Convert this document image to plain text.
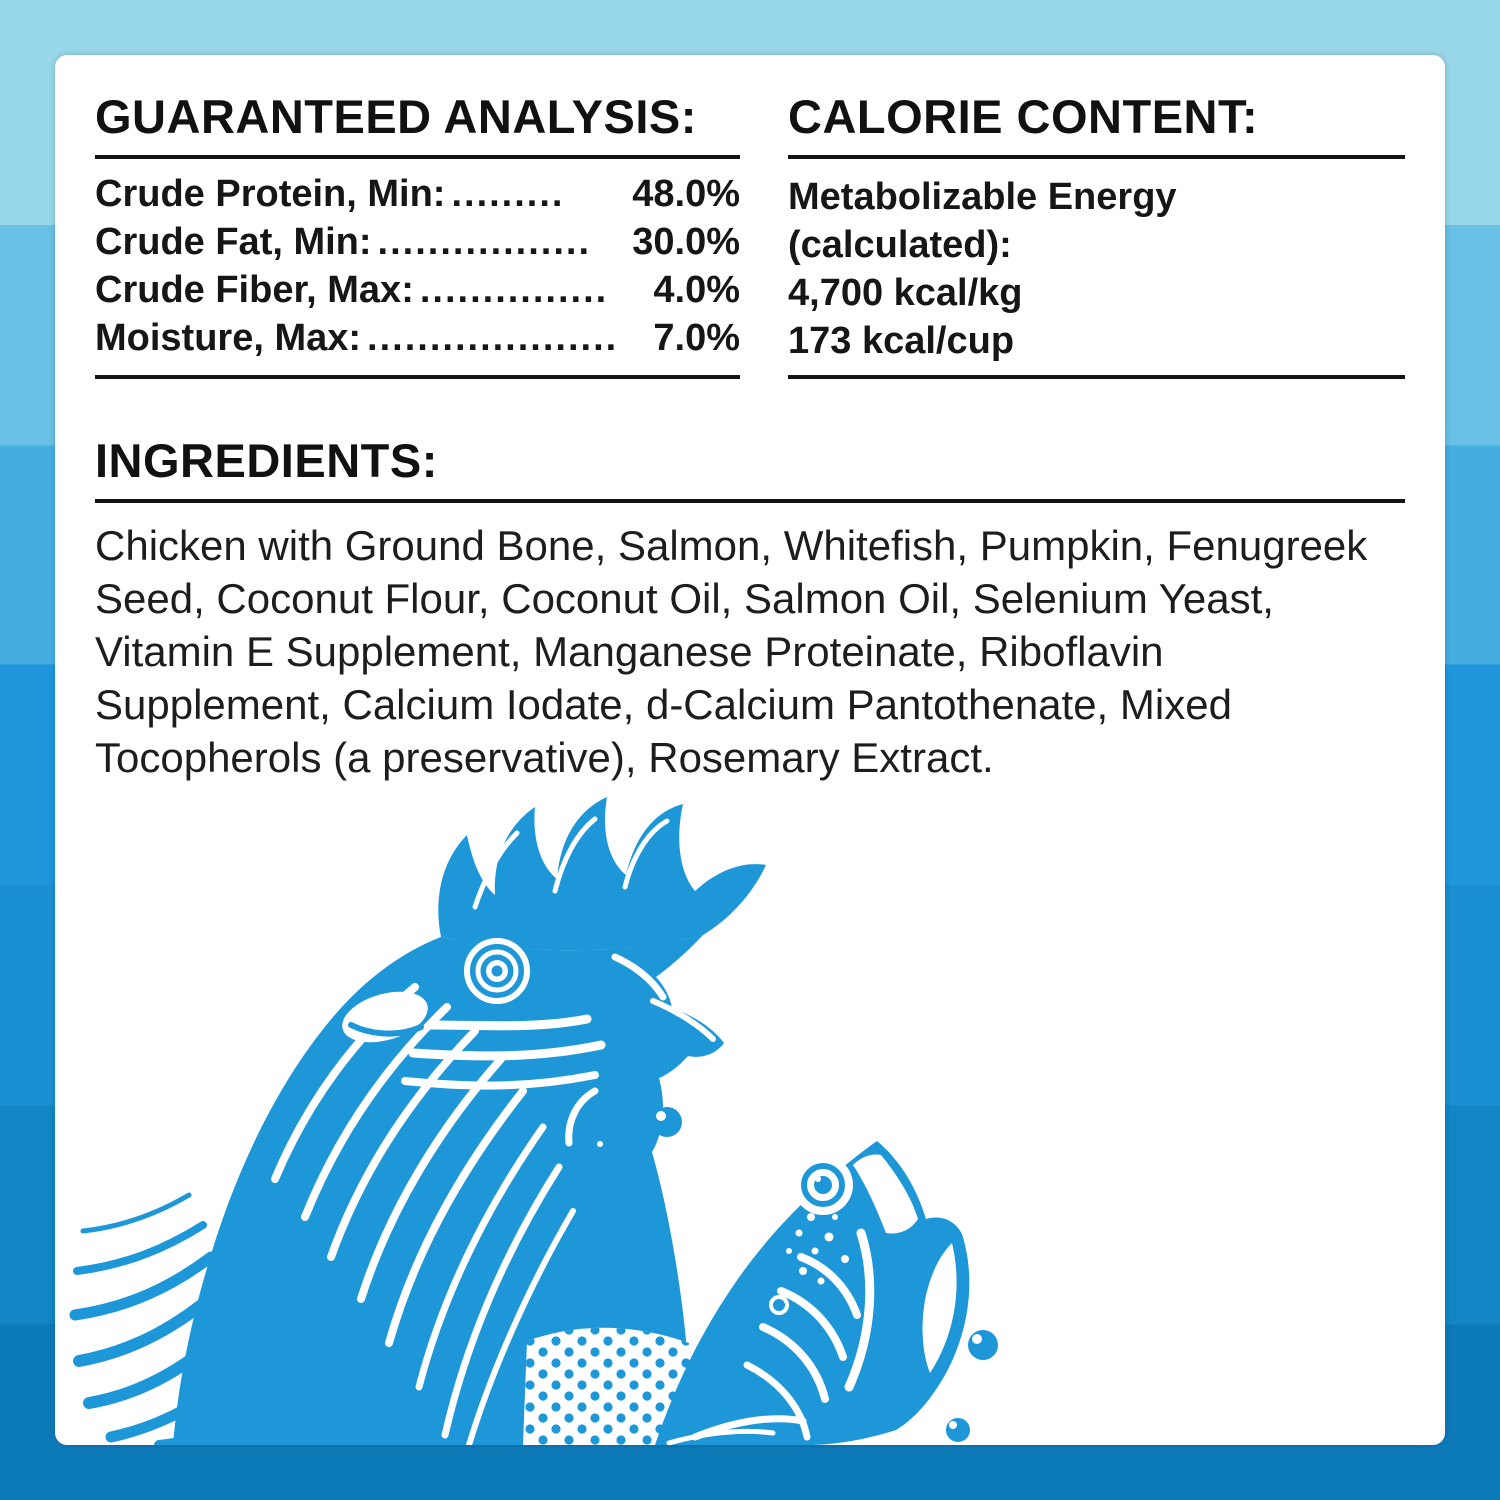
GUARANTEED ANALYSIS:
Crude Protein, Min: .........	48.0%
Crude Fat, Min: .................	30.0%
Crude Fiber, Max: ...............	4.0%
Moisture, Max: .................... 7.0%
CALORIE CONTENT:

Metabolizable Energy

(calculated):

4,700 kcal/kg

173 kcal/cup

INGREDIENTS:

Chicken with Ground Bone, Salmon, Whitefish, Pumpkin, Fenugreek Seed, Coconut Flour, Coconut Oil, Salmon Oil, Selenium Yeast, Vitamin E Supplement, Manganese Proteinate, Riboflavin Supplement, Calcium Iodate, d-Calcium Pantothenate, Mixed Tocopherols (a preservative), Rosemary Extract.
